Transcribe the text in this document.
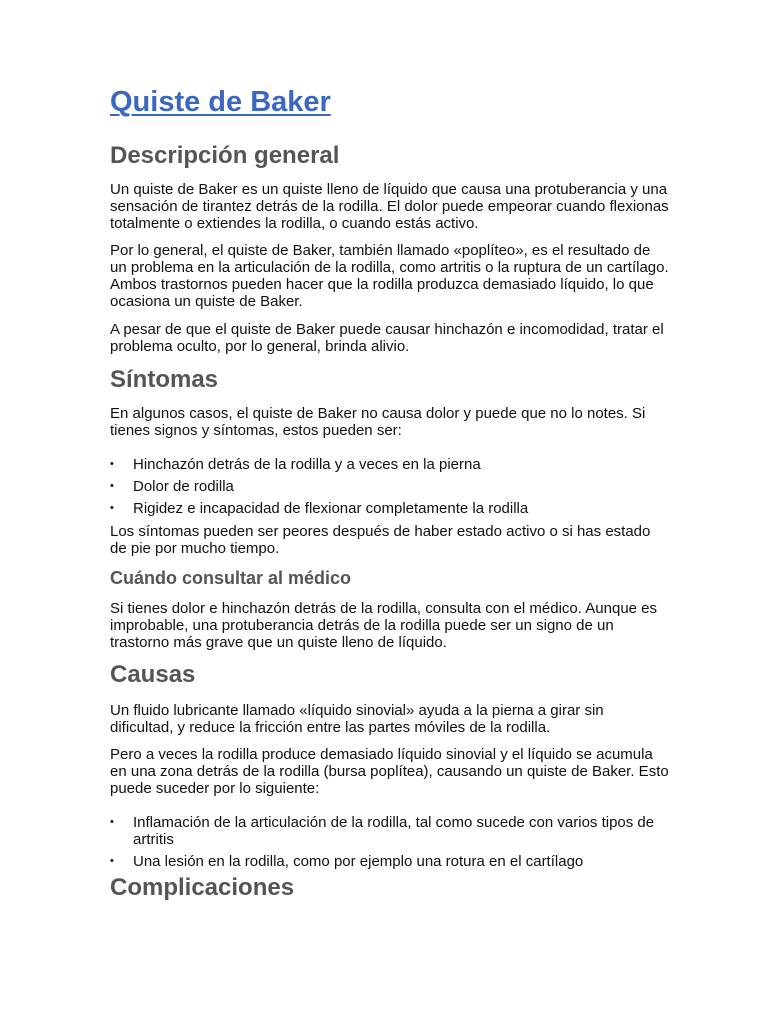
Quiste de Baker
Descripción general

Un quiste de Baker es un quiste lleno de líquido que causa una protuberancia y una sensación de tirantez detrás de la rodilla. El dolor puede empeorar cuando flexionas totalmente o extiendes la rodilla, o cuando estás activo.

Por lo general, el quiste de Baker, también llamado «poplíteo», es el resultado de un problema en la articulación de la rodilla, como artritis o la ruptura de un cartílago. Ambos trastornos pueden hacer que la rodilla produzca demasiado líquido, lo que ocasiona un quiste de Baker.

A pesar de que el quiste de Baker puede causar hinchazón e incomodidad, tratar el problema oculto, por lo general, brinda alivio.

Síntomas

En algunos casos, el quiste de Baker no causa dolor y puede que no lo notes. Si tienes signos y síntomas, estos pueden ser:

• Hinchazón detrás de la rodilla y a veces en la pierna
• Dolor de rodilla
• Rigidez e incapacidad de flexionar completamente la rodilla

Los síntomas pueden ser peores después de haber estado activo o si has estado de pie por mucho tiempo.

Cuándo consultar al médico

Si tienes dolor e hinchazón detrás de la rodilla, consulta con el médico. Aunque es improbable, una protuberancia detrás de la rodilla puede ser un signo de un trastorno más grave que un quiste lleno de líquido.

Causas

Un fluido lubricante llamado «líquido sinovial» ayuda a la pierna a girar sin dificultad, y reduce la fricción entre las partes móviles de la rodilla.

Pero a veces la rodilla produce demasiado líquido sinovial y el líquido se acumula en una zona detrás de la rodilla (bursa poplítea), causando un quiste de Baker. Esto puede suceder por lo siguiente:

• Inflamación de la articulación de la rodilla, tal como sucede con varios tipos de artritis
• Una lesión en la rodilla, como por ejemplo una rotura en el cartílago
Complicaciones
